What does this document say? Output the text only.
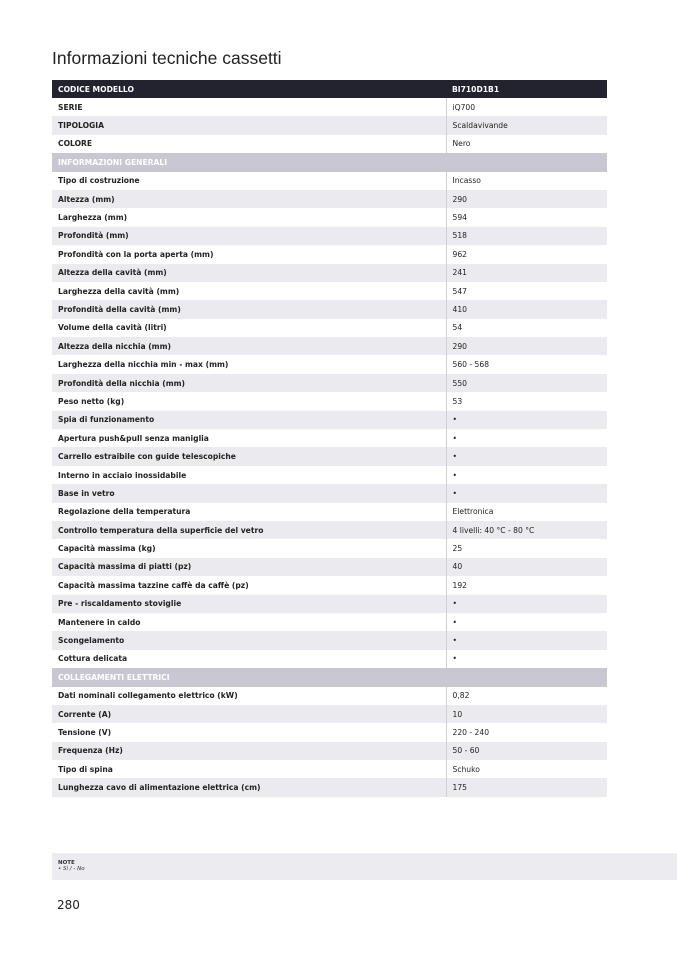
Informazioni tecniche cassetti
CODICE MODELLO	BI710D1B1
SERIE	iQ700
TIPOLOGIA	Scaldavivande
COLORE	Nero
INFORMAZIONI GENERALI	
Tipo di costruzione	Incasso
Altezza (mm)	290
Larghezza (mm)	594
Profondità (mm)	518
Profondità con la porta aperta (mm)	962
Altezza della cavità (mm)	241
Larghezza della cavità (mm)	547
Profondità della cavità (mm)	410
Volume della cavità (litri)	54
Altezza della nicchia (mm)	290
Larghezza della nicchia min - max (mm)	560 - 568
Profondità della nicchia (mm)	550
Peso netto (kg)	53
Spia di funzionamento	•
Apertura push&pull senza maniglia	•
Carrello estraibile con guide telescopiche	•
Interno in acciaio inossidabile	•
Base in vetro	•
Regolazione della temperatura	Elettronica
Controllo temperatura della superficie del vetro	4 livelli: 40 °C - 80 °C
Capacità massima (kg)	25
Capacità massima di piatti (pz)	40
Capacità massima tazzine caffè da caffè (pz)	192
Pre - riscaldamento stoviglie	•
Mantenere in caldo	•
Scongelamento	•
Cottura delicata	•
COLLEGAMENTI ELETTRICI	
Dati nominali collegamento elettrico (kW)	0,82
Corrente (A)	10
Tensione (V)	220 - 240
Frequenza (Hz)	50 - 60
Tipo di spina	Schuko
Lunghezza cavo di alimentazione elettrica (cm)	175
NOTE
• Sì / - No
280
